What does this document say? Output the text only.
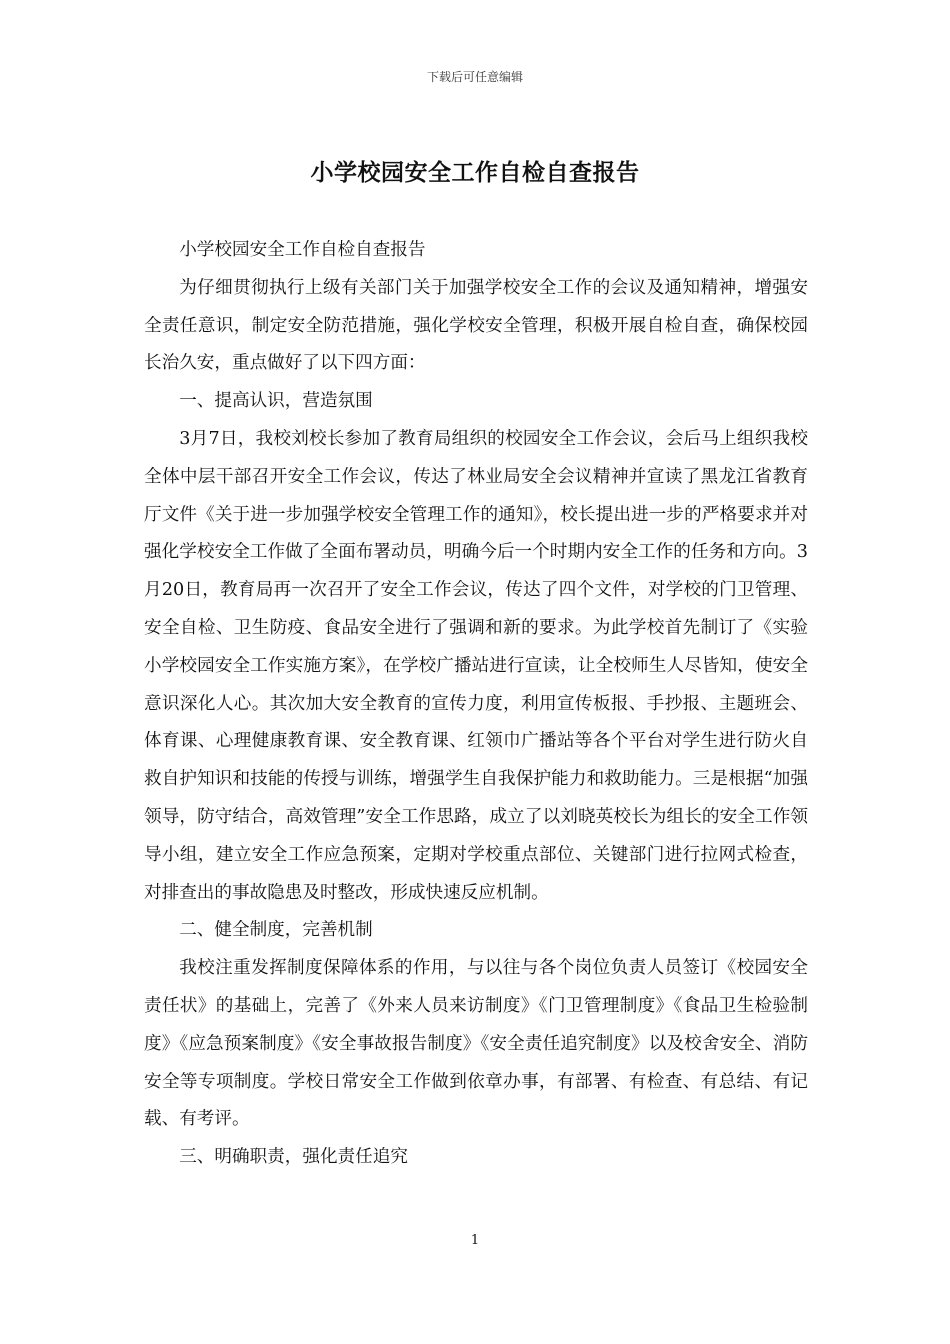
下载后可任意编辑
小学校园安全工作自检自查报告

小学校园安全工作自检自查报告

为仔细贯彻执行上级有关部门关于加强学校安全工作的会议及通知精神，增强安全责任意识，制定安全防范措施，强化学校安全管理，积极开展自检自查，确保校园长治久安，重点做好了以下四方面：

一、提高认识，营造氛围

3月7日，我校刘校长参加了教育局组织的校园安全工作会议，会后马上组织我校全体中层干部召开安全工作会议，传达了林业局安全会议精神并宣读了黑龙江省教育厅文件《关于进一步加强学校安全管理工作的通知》，校长提出进一步的严格要求并对强化学校安全工作做了全面布署动员，明确今后一个时期内安全工作的任务和方向。3月20日，教育局再一次召开了安全工作会议，传达了四个文件，对学校的门卫管理、安全自检、卫生防疫、食品安全进行了强调和新的要求。为此学校首先制订了《实验小学校园安全工作实施方案》，在学校广播站进行宣读，让全校师生人尽皆知，使安全意识深化人心。其次加大安全教育的宣传力度，利用宣传板报、手抄报、主题班会、体育课、心理健康教育课、安全教育课、红领巾广播站等各个平台对学生进行防火自救自护知识和技能的传授与训练，增强学生自我保护能力和救助能力。三是根据“加强领导，防守结合，高效管理”安全工作思路，成立了以刘晓英校长为组长的安全工作领导小组，建立安全工作应急预案，定期对学校重点部位、关键部门进行拉网式检查，对排查出的事故隐患及时整改，形成快速反应机制。

二、健全制度，完善机制

我校注重发挥制度保障体系的作用，与以往与各个岗位负责人员签订《校园安全责任状》的基础上，完善了《外来人员来访制度》《门卫管理制度》《食品卫生检验制度》《应急预案制度》《安全事故报告制度》《安全责任追究制度》以及校舍安全、消防安全等专项制度。学校日常安全工作做到依章办事，有部署、有检查、有总结、有记载、有考评。

三、明确职责，强化责任追究

1
